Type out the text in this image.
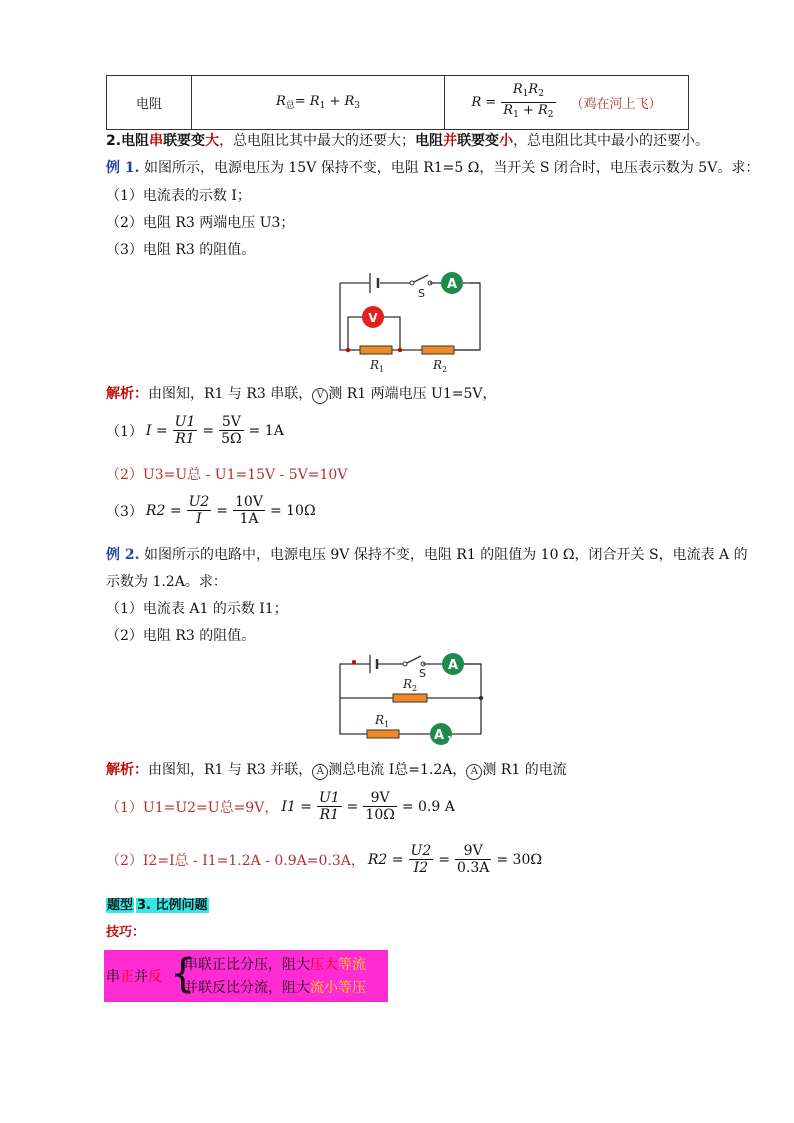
电阻	$R_总= R_1 + R_3$	$R = \frac{R_1R_2}{R_1 + R_2}$ （鸡在河上飞）
2.电阻串联要变大，总电阻比其中最大的还要大；电阻并联要变小，总电阻比其中最小的还要小。
例 1. 如图所示，电源电压为 15V 保持不变，电阻 R1=5 Ω，当开关 S 闭合时，电压表示数为 5V。求：
（1）电流表的示数 I；
（2）电阻 R3 两端电压 U3；
（3）电阻 R3 的阻值。
A
S
V
$R_1$	$R_2$
解析：由图知，R1 与 R3 串联， V 测 R1 两端电压 U1=5V，
（1） $I = \frac{U1}{R1} = \frac{5V}{5\Omega} = 1A$
（2）U3=U总 - U1=15V - 5V=10V
（3） $R2 = \frac{U2}{I} = \frac{10V}{1A} = 10\Omega$
例 2. 如图所示的电路中，电源电压 9V 保持不变，电阻 R1 的阻值为 10 Ω，闭合开关 S，电流表 A 的
示数为 1.2A。求：
（1）电流表 A1 的示数 I1；
（2）电阻 R3 的阻值。
A
S
$R_2$
$R_1$
A 1
解析：由图知，R1 与 R3 并联， A 测总电流 I总=1.2A， A 测 R1 的电流
（1）U1=U2=U总=9V， $I1 = \frac{U1}{R1} = \frac{9V}{10\Omega} = 0.9$ A
（2）I2=I总 - I1=1.2A - 0.9A=0.3A， $R2 = \frac{U2}{I2} = \frac{9V}{0.3A} = 30\Omega$
题型 3. 比例问题
技巧：
串正并反 {
串联正比分压，阻大压大等流
并联反比分流，阻大流小等压
